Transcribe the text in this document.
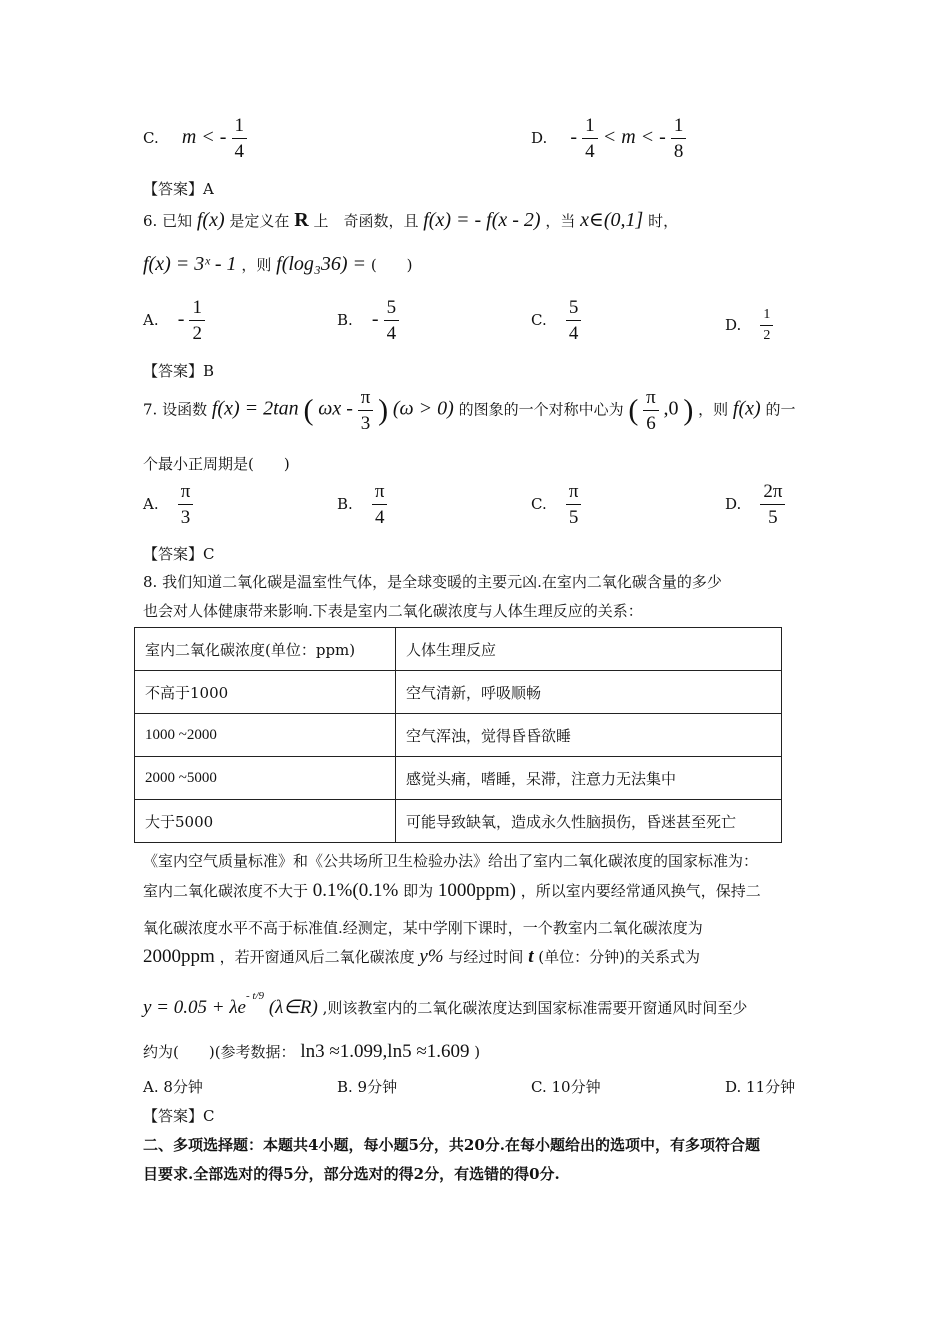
C. m < - $\frac{1}{4}$	D. - $\frac{1}{4} < m$ < - $\frac{1}{8}$
【答案】A
6. 已知 f(x) 是定义在 R 上　奇函数，且 f(x) = - f(x - 2) ，当 x∈(0,1] 时，
f(x) = 3ˣ - 1 ，则 f(log₃36) = (　　)
A. - $\frac{1}{2}$	B. - $\frac{5}{4}$	C. $\frac{5}{4}$	D. $\frac{1}{2}$
【答案】B
7. 设函数 f(x) = 2tan ( ωx - $\frac{\pi}{3}$ ) (ω > 0) 的图象的一个对称中心为 ( $\frac{\pi}{6} ,0$ ) ，则 f(x) 的一
个最小正周期是(　　)
A. $\frac{\pi}{3}$	B. $\frac{\pi}{4}$	C. $\frac{\pi}{5}$	D. $\frac{2\pi}{5}$
【答案】C
8. 我们知道二氧化碳是温室性气体，是全球变暖的主要元凶.在室内二氧化碳含量的多少
也会对人体健康带来影响.下表是室内二氧化碳浓度与人体生理反应的关系：
室内二氧化碳浓度(单位：ppm)	人体生理反应
不高于1000	空气清新，呼吸顺畅
1000 ~2000	空气浑浊，觉得昏昏欲睡
2000 ~5000	感觉头痛，嗜睡，呆滞，注意力无法集中
大于5000	可能导致缺氧，造成永久性脑损伤，昏迷甚至死亡
《室内空气质量标准》和《公共场所卫生检验办法》给出了室内二氧化碳浓度的国家标准为：
室内二氧化碳浓度不大于 0.1%(0.1% 即为 1000ppm) ，所以室内要经常通风换气，保持二
氧化碳浓度水平不高于标准值.经测定，某中学刚下课时，一个教室内二氧化碳浓度为
2000ppm ，若开窗通风后二氧化碳浓度 y% 与经过时间 t (单位：分钟)的关系式为
$y = 0.05 + \lambda e^{- t/9}$ (λ∈R) ,则该教室内的二氧化碳浓度达到国家标准需要开窗通风时间至少
约为(　　)(参考数据： ln3 ≈1.099,ln5 ≈1.609 )
A. 8分钟	B. 9分钟	C. 10分钟	D. 11分钟
【答案】C
二、多项选择题：本题共4小题，每小题5分，共20分.在每小题给出的选项中，有多项符合题
目要求.全部选对的得5分，部分选对的得2分，有选错的得0分.
